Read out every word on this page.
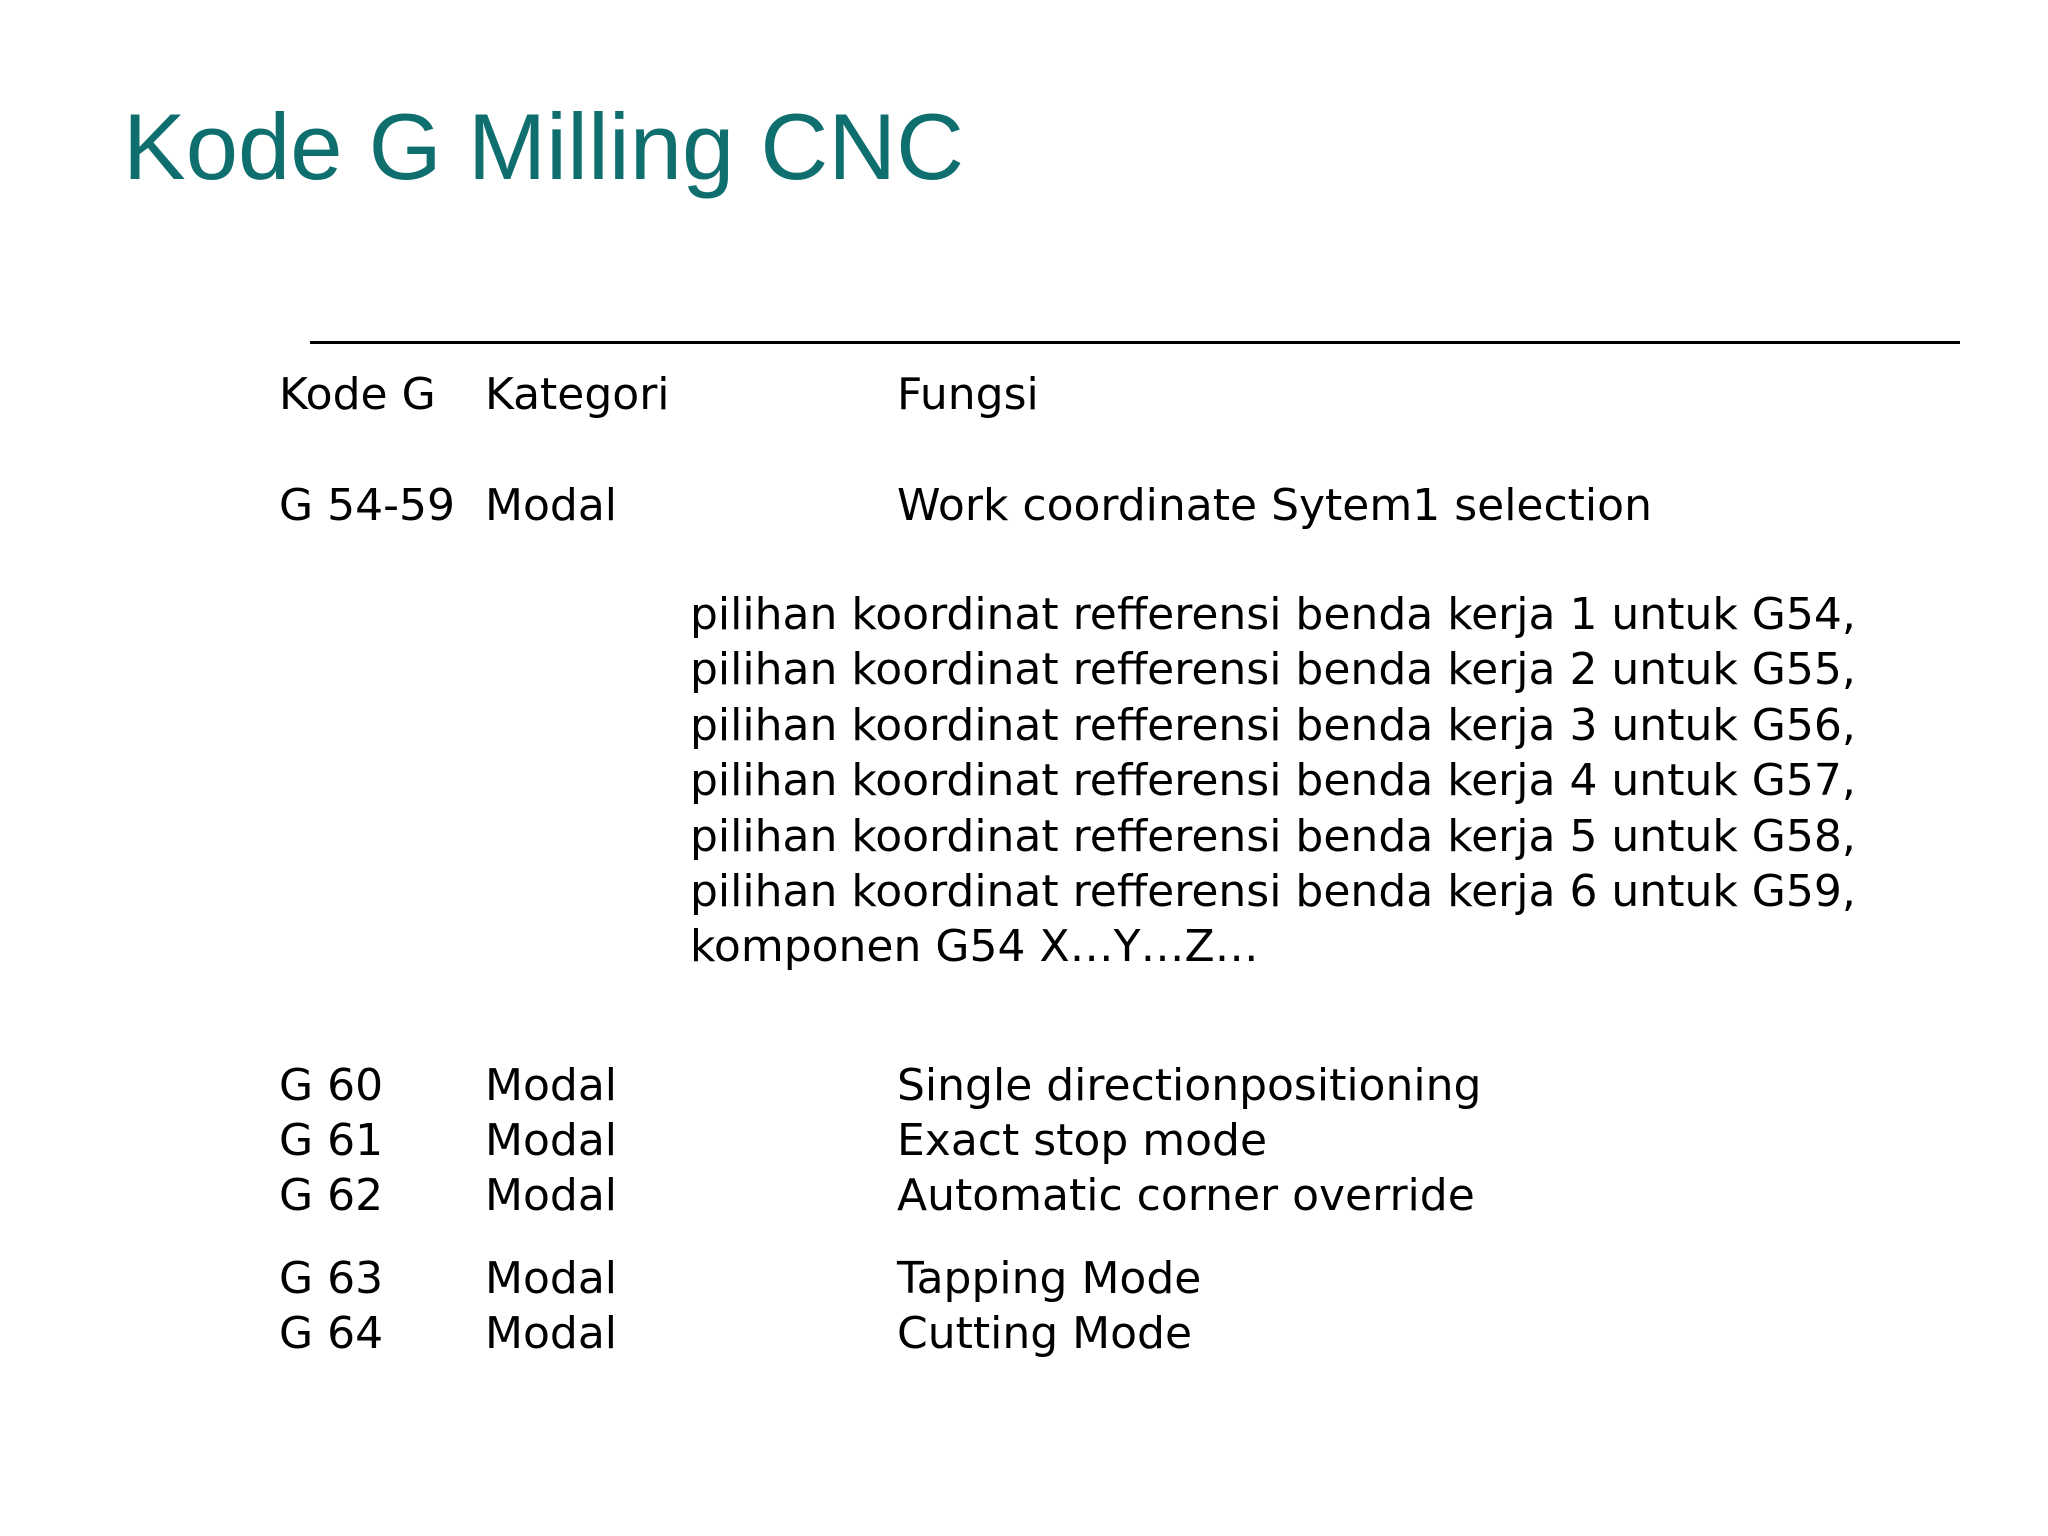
Kode G Milling CNC
Kode G Kategori	Fungsi
G 54-59 Modal	Work coordinate Sytem1 selection
pilihan koordinat refferensi benda kerja 1 untuk G54,
pilihan koordinat refferensi benda kerja 2 untuk G55,
pilihan koordinat refferensi benda kerja 3 untuk G56,
pilihan koordinat refferensi benda kerja 4 untuk G57,
pilihan koordinat refferensi benda kerja 5 untuk G58,
pilihan koordinat refferensi benda kerja 6 untuk G59,
komponen G54 X…Y…Z…
G 60 Modal	Single directionpositioning
G 61 Modal	Exact stop mode
G 62 Modal	Automatic corner override
G 63 Modal	Tapping Mode
G 64 Modal	Cutting Mode
